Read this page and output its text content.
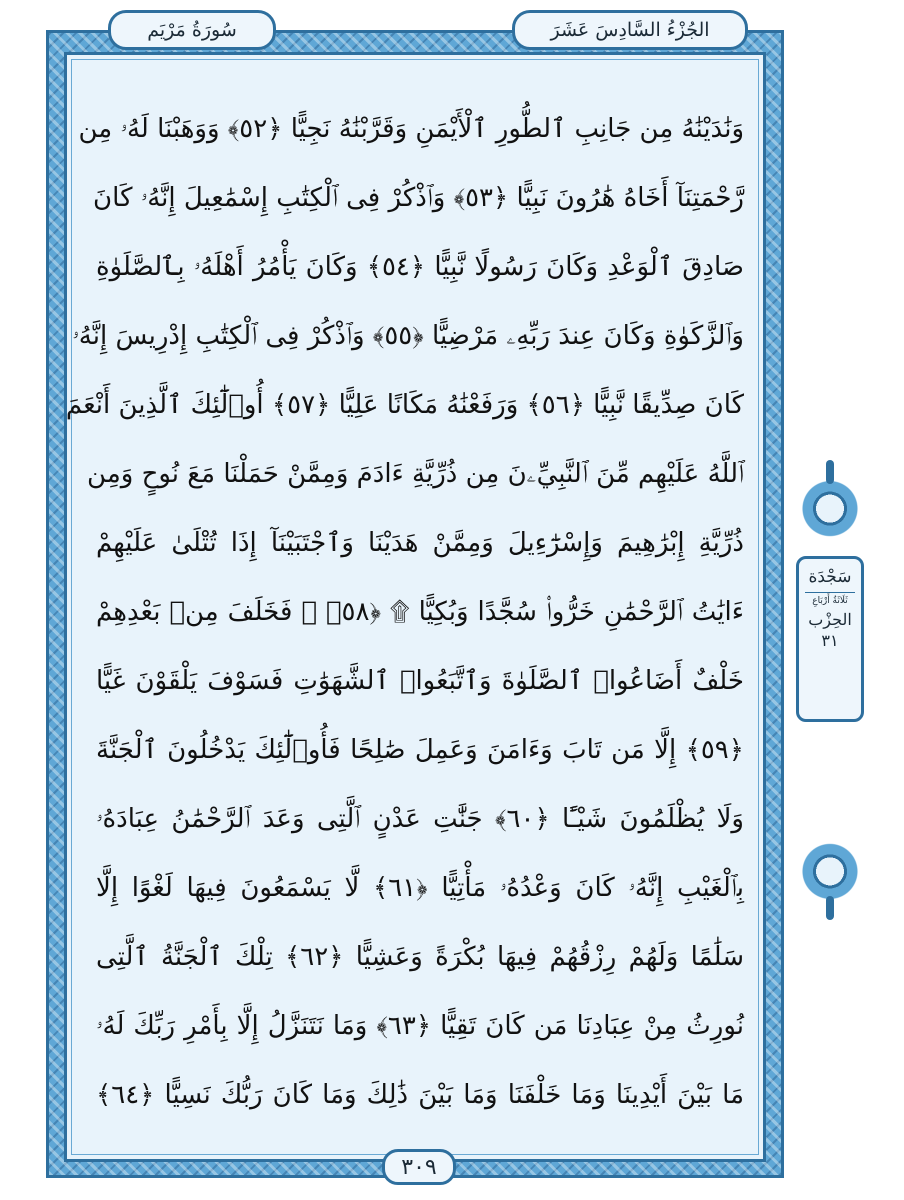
سُورَةُ مَرْيَم	الجُزْءُ السَّادِسَ عَشَرَ
وَنَٰدَيْنَٰهُ مِن جَانِبِ ٱلطُّورِ ٱلْأَيْمَنِ وَقَرَّبْنَٰهُ نَجِيًّا ﴿٥٢﴾ وَوَهَبْنَا لَهُۥ مِن
رَّحْمَتِنَآ أَخَاهُ هَٰرُونَ نَبِيًّا ﴿٥٣﴾ وَٱذْكُرْ فِى ٱلْكِتَٰبِ إِسْمَٰعِيلَ إِنَّهُۥ كَانَ
صَادِقَ ٱلْوَعْدِ وَكَانَ رَسُولًا نَّبِيًّا ﴿٥٤﴾ وَكَانَ يَأْمُرُ أَهْلَهُۥ بِٱلصَّلَوٰةِ
وَٱلزَّكَوٰةِ وَكَانَ عِندَ رَبِّهِۦ مَرْضِيًّا ﴿٥٥﴾ وَٱذْكُرْ فِى ٱلْكِتَٰبِ إِدْرِيسَ إِنَّهُۥ
كَانَ صِدِّيقًا نَّبِيًّا ﴿٥٦﴾ وَرَفَعْنَٰهُ مَكَانًا عَلِيًّا ﴿٥٧﴾ أُو۟لَٰٓئِكَ ٱلَّذِينَ أَنْعَمَ
ٱللَّهُ عَلَيْهِم مِّنَ ٱلنَّبِيِّۦنَ مِن ذُرِّيَّةِ ءَادَمَ وَمِمَّنْ حَمَلْنَا مَعَ نُوحٍ وَمِن
ذُرِّيَّةِ إِبْرَٰهِيمَ وَإِسْرَٰٓءِيلَ وَمِمَّنْ هَدَيْنَا وَٱجْتَبَيْنَآ إِذَا تُتْلَىٰ عَلَيْهِمْ
ءَايَٰتُ ٱلرَّحْمَٰنِ خَرُّوا۟ سُجَّدًا وَبُكِيًّا ۩ ﴿٥٨﴾ ۞ فَخَلَفَ مِنۢ بَعْدِهِمْ
خَلْفٌ أَضَاعُوا۟ ٱلصَّلَوٰةَ وَٱتَّبَعُوا۟ ٱلشَّهَوَٰتِ فَسَوْفَ يَلْقَوْنَ غَيًّا
﴿٥٩﴾ إِلَّا مَن تَابَ وَءَامَنَ وَعَمِلَ صَٰلِحًا فَأُو۟لَٰٓئِكَ يَدْخُلُونَ ٱلْجَنَّةَ
وَلَا يُظْلَمُونَ شَيْـًٔا ﴿٦٠﴾ جَنَّٰتِ عَدْنٍ ٱلَّتِى وَعَدَ ٱلرَّحْمَٰنُ عِبَادَهُۥ
بِٱلْغَيْبِ إِنَّهُۥ كَانَ وَعْدُهُۥ مَأْتِيًّا ﴿٦١﴾ لَّا يَسْمَعُونَ فِيهَا لَغْوًا إِلَّا
سَلَٰمًا وَلَهُمْ رِزْقُهُمْ فِيهَا بُكْرَةً وَعَشِيًّا ﴿٦٢﴾ تِلْكَ ٱلْجَنَّةُ ٱلَّتِى
نُورِثُ مِنْ عِبَادِنَا مَن كَانَ تَقِيًّا ﴿٦٣﴾ وَمَا نَتَنَزَّلُ إِلَّا بِأَمْرِ رَبِّكَ لَهُۥ
مَا بَيْنَ أَيْدِينَا وَمَا خَلْفَنَا وَمَا بَيْنَ ذَٰلِكَ وَمَا كَانَ رَبُّكَ نَسِيًّا ﴿٦٤﴾
سَجْدَة
ثَلَاثَةُ أَرْبَاعِ
الحِزْب
٣١
٣٠٩
